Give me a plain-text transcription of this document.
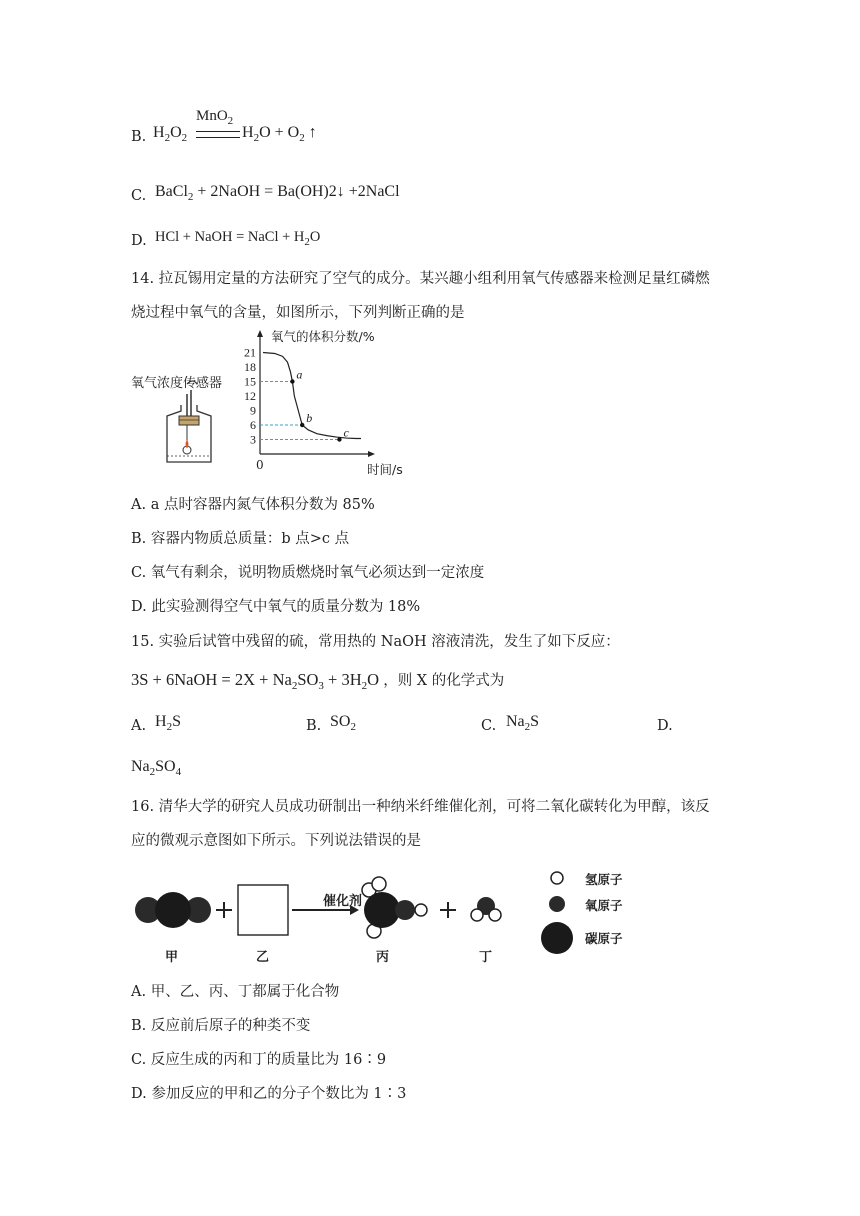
B. $H_2O_2$
MnO$_2$
$H_2O + O_2$ ↑
C. BaCl$_2$ + 2NaOH = Ba(OH)2↓ +2NaCl
D. HCl + NaOH = NaCl + $H_2O$
14. 拉瓦锡用定量的方法研究了空气的成分。某兴趣小组利用氧气传感器来检测足量红磷燃
烧过程中氧气的含量，如图所示，下列判断正确的是
氧气浓度传感器
21
18
15
12
9
6
3
a
b
c
氧气的体积分数/%
时间/s
0
A. a 点时容器内氮气体积分数为 85%
B. 容器内物质总质量：b 点>c 点
C. 氧气有剩余，说明物质燃烧时氧气必须达到一定浓度
D. 此实验测得空气中氧气的质量分数为 18%
15. 实验后试管中残留的硫，常用热的 NaOH 溶液清洗，发生了如下反应：
3S + 6NaOH = $2X + Na_2SO_3 + 3H_2O$ ，则 X 的化学式为
A. $H_2S$	B. $SO_2$	C. $Na_2S$	D.
$Na_2SO_4$
16. 清华大学的研究人员成功研制出一种纳米纤维催化剂，可将二氧化碳转化为甲醇，该反
应的微观示意图如下所示。下列说法错误的是
催化剂
甲	乙	丙	丁
氢原子
氧原子
碳原子
A. 甲、乙、丙、丁都属于化合物
B. 反应前后原子的种类不变
C. 反应生成的丙和丁的质量比为 16∶9
D. 参加反应的甲和乙的分子个数比为 1∶3
